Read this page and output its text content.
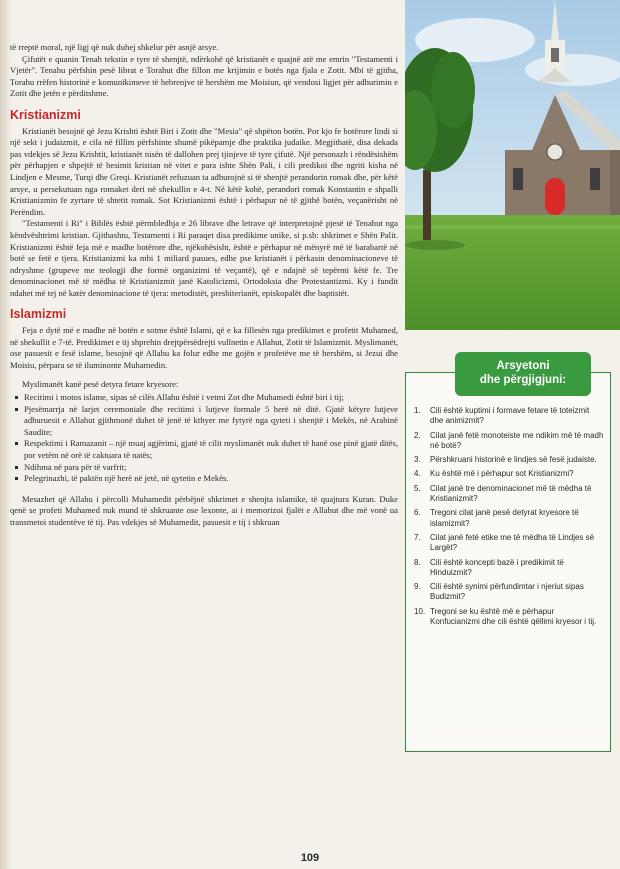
të rreptë moral, një ligj që nuk duhej shkelur për asnjë arsye.

Çifutët e quanin Tenah tekstin e tyre të shenjtë, ndërkohë që kristianët e quajnë atë me emrin "Testamenti i Vjetër". Tenahu përfshin pesë librat e Torahut dhe fillon me krijimin e botës nga fjala e Zotit. Mbi të gjitha, Torahu rrëfen historinë e komunikimeve të hebrenjve të hershëm me Moisiun, që vendosi ligjet për adhurimin e Zotit dhe jetën e përditshme.

Kristianizmi

Kristianët besojnë që Jezu Krishti është Biri i Zotit dhe "Mesia" që shpëton botën. Por kjo fe botërore lindi si një sekt i judaizmit, e cila në fillim përfshinte shumë pikëpamje dhe praktika judaike. Megjithatë, disa dekada pas vdekjes së Jezu Krishtit, kristianët nisën të dallohen prej tjinjeve të tyre çifutë. Një personazh i rëndësishëm për përhapjen e shpejtë të besimit kristian në vitet e para ishte Shën Pali, i cili predikoi dhe ngriti kisha në Lindjen e Mesme, Turqi dhe Greqi. Kristianët refuzuan ta adhurojnë si të shenjtë perandorin romak dhe, për këtë arsye, u persekutuan nga romaket deri në shekullin e 4-t. Në këtë kohë, perandori romak Konstantin e shpalli Kristianizmin fe zyrtare të shtetit romak. Sot Kristianizmi është i përhapur në të gjithë botën, veçanërisht në Perëndim.

"Testamenti i Ri" i Biblës është përmbledhja e 26 librave dhe letrave që interpretojnë pjesë të Tenahut nga këndvështrimi kristian. Gjithashtu, Testamenti i Ri paraqet disa predikime unike, si p.sh: shkrimet e Shën Palit. Kristianizmi është feja më e madhe botërore dhe, njëkohësisht, është e përhapur në mënyrë më të barabartë në botë se fetë e tjera. Kristianizmi ka mbi 1 miliard pasues, edhe pse kristianët i përkasin denominacioneve të ndryshme (grupeve me teologji dhe formë organizimi të veçantë), që e ndajnë së tepërmi këtë fe. Tre denominacionet më të mëdha të Kristianizmit janë Katolicizmi, Ortodoksia dhe Protestantizmi. Ky i fundit ndahet më tej në katër denominacione të tjera: metodistët, presbiterianët, episkopalët dhe baptistët.

Islamizmi

Feja e dytë më e madhe në botën e sotme është Islami, që e ka fillesën nga predikimet e profetit Muhamed, në shekullit e 7-të. Predikimet e tij shprehin drejtpërsëdrejti vullnetin e Allahut, Zotit të Islamizmit. Myslimanët, ose pasuesit e fesë islame, besojnë që Allahu ka folur edhe me gojën e profetëve me të hershëm, si Jezui dhe Moisiu, përpara se të iluminonte Muhamedin.

Myslimanët kanë pesë detyra fetare kryesore:

Recitimi i motos islame, sipas së cilës Allahu është i vetmi Zot dhe Muhamedi është biri i tij;
Pjesëmarrja në larjet ceremoniale dhe recitimi i lutjeve formale 5 herë në ditë. Gjatë këtyre lutjeve adhuruesit e Allahut gjithmonë duhet të jenë të kthyer me fytyrë nga qyteti i shenjtë i Mekës, në Arabinë Saudite;
Respektimi i Ramazanit – një muaj agjërimi, gjatë të cilit myslimanët nuk duhet të hanë ose pinë gjatë ditës, por vetëm në orë të caktuara të natës;
Ndihma në para për të varfrit;
Pelegrinazhi, të paktën një herë në jetë, në qytetin e Mekës.

Mesazhet që Allahu i përcolli Muhamedit përbëjnë shkrimet e shenjta islamike, të quajtura Kuran. Duke qenë se profeti Muhamed nuk mund të shkruante ose lexonte, ai i memorizoi fjalët e Allahut dhe më vonë ua transmetoi studentëve të tij. Pas vdekjes së Muhamedit, pasuesit e tij i shkruan

Arsyetoni
dhe përgjigjuni:
1.	Cili është kuptimi i formave fetare të toteizmit dhe animizmit?
2.	Cilat janë fetë monoteiste me ndikim më të madh në botë?
3.	Përshkruani historinë e lindjes së fesë judaiste.
4.	Ku është më i përhapur sot Kristianizmi?
5.	Cilat janë tre denominacionet më të mëdha të Kristianizmit?
6.	Tregoni cilat janë pesë detyrat kryesore të islamizmit?
7.	Cilat janë fetë etike me të mëdha të Lindjes së Largët?
8.	Cili është koncepti bazë i predikimit të Hinduizmit?
9.	Cili është synimi përfundimtar i njeriut sipas Budizmit?
10. Tregoni se ku është më e përhapur Konfucianizmi dhe cili është qëllimi kryesor i tij.
109
